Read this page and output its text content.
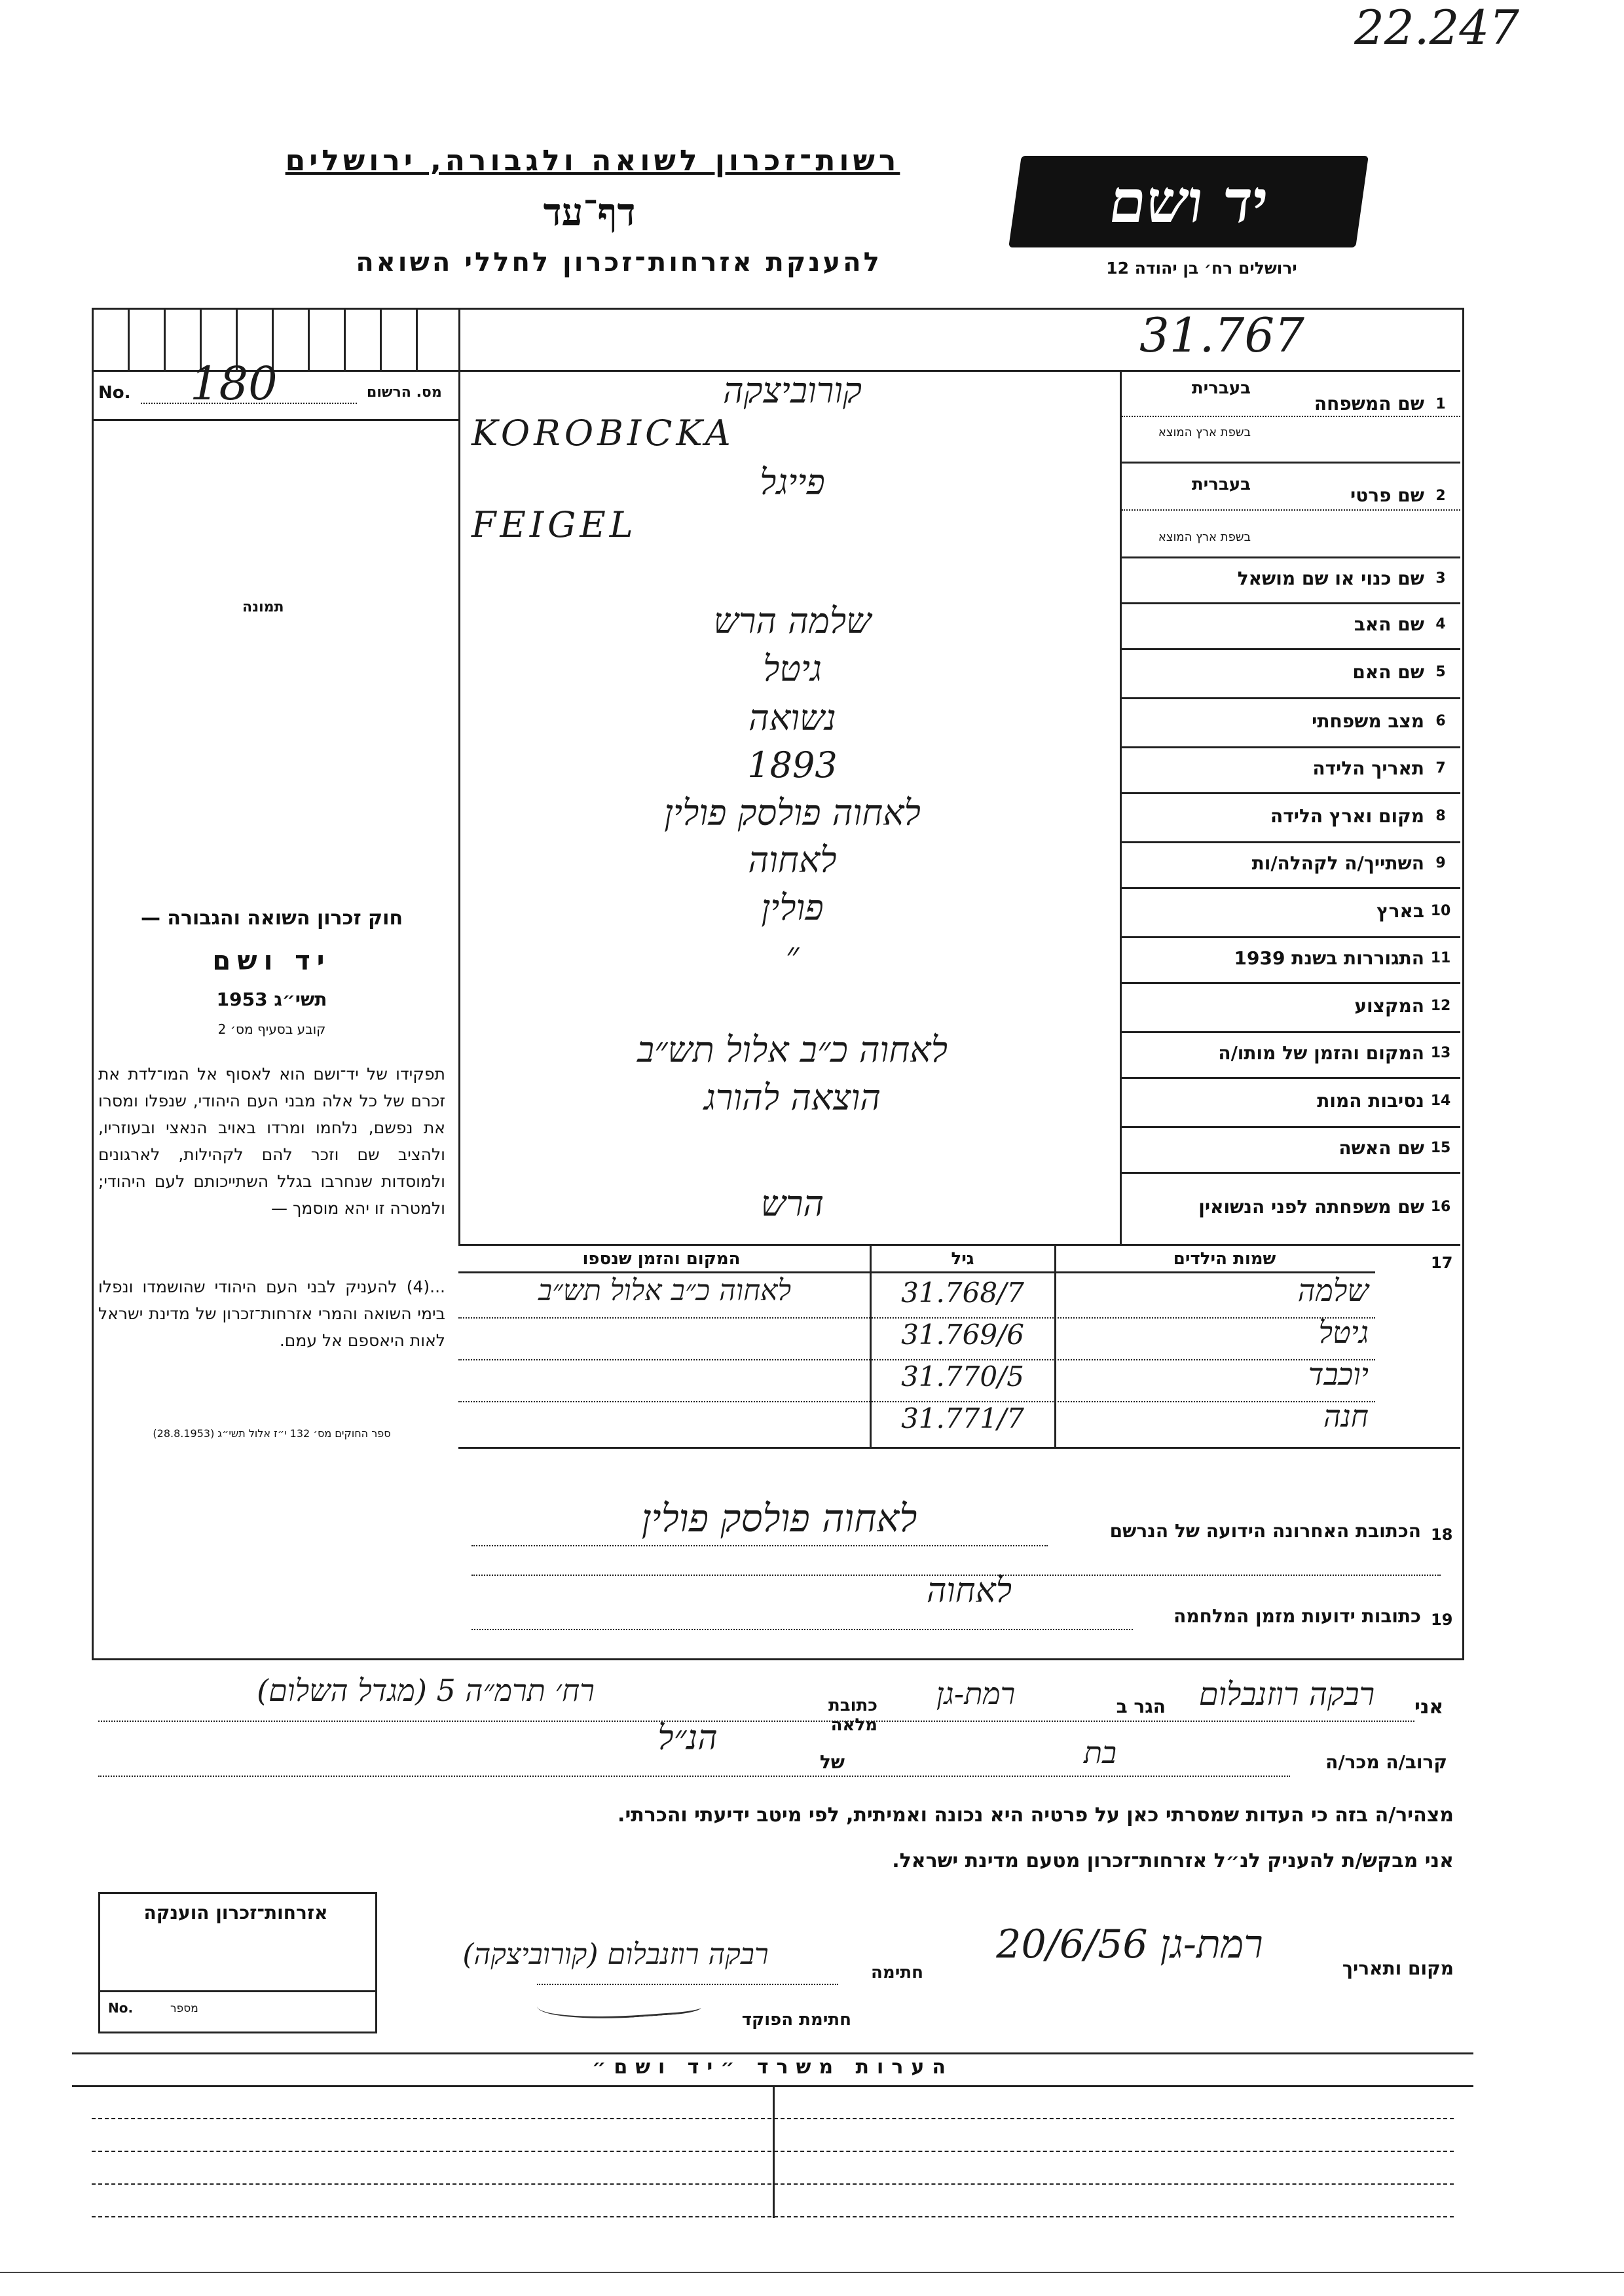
22.247
רשות־זכרון לשואה ולגבורה, ירושלים
דף־עד
להענקת אזרחות־זכרון לחללי השואה
יד ושם
ירושלים רח׳ בן יהודה 12
31.767
No. 180	מס. הרשום
תמונה
חוק זכרון השואה והגבורה —
יד ושם
תשי״ג 1953
קובע בסעיף מס׳ 2
תפקידו של יד־ושם הוא לאסוף אל המו־לדת את זכרם של כל אלה מבני העם היהודי, שנפלו ומסרו את נפשם, נלחמו ומרדו באויב הנאצי ובעוזריו, ולהציב שם וזכר להם לקהילות, לארגונים ולמוסדות שנחרבו בגלל השתייכותם לעם היהודי; ולמטרה זו יהא מוסמך —
...(4) להעניק לבני העם היהודי שהושמדו ונפלו בימי השואה והמרי אזרחות־זכרון של מדינת ישראל לאות היאספם אל עמם.
ספר החוקים מס׳ 132 י״ז אלול תשי״ג (28.8.1953)
1
שם המשפחה
קורוביצקה
KOROBICKA
2
שם פרטי
פייגל
FEIGEL
3
שם כנוי או שם מושאל
4
שם האב
שלמה הרש
5
שם האם
גיטל
6
מצב משפחתי
נשואה
7
תאריך הלידה
1893
8
מקום וארץ הלידה
לאחוה פולסק פולין
9
השתייך/ה לקהלה/ות
לאחוה
10
בארץ
פולין
11
התגוררות בשנת 1939
״
12
המקצוע
13
המקום והזמן של מותו/ה
לאחוה כ״ב אלול תש״ב
14
נסיבות המות
הוצאה להורג
15
שם האשה
16
שם משפחתה לפני הנשואין
הרש
בעברית
בשפת ארץ המוצא
בעברית
בשפת ארץ המוצא
17
שמות הילדים
גיל
המקום והזמן שנספו
שלמה
31.768/7
לאחוה כ״ב אלול תש״ב
גיטל
31.769/6
יוכבד
31.770/5
חנה
31.771/7
18
הכתובת האחרונה הידועה של הנרשם
לאחוה פולסק פולין
19
כתובות ידועות מזמן המלחמה
לאחוה
אני
רבקה רוזנבלום
הגר ב
רמת-גן
כתובת מלאה
רח׳ תרמ״ה 5 (מגדל השלום)
קרוב/ה מכר/ה
בת
של
הנ״ל
מצהיר/ה בזה כי העדות שמסרתי כאן על פרטיה היא נכונה ואמיתית, לפי מיטב ידיעתי והכרתי.
אני מבקש/ת להעניק לנ״ל אזרחות־זכרון מטעם מדינת ישראל.
אזרחות־זכרון הוענקה
No.	מספר
מקום ותאריך
רמת-גן 20/6/56
חתימה
רבקה רוזנבלום (קורוביצקה)
חתימת הפוקד
הערות משרד ״יד ושם״
